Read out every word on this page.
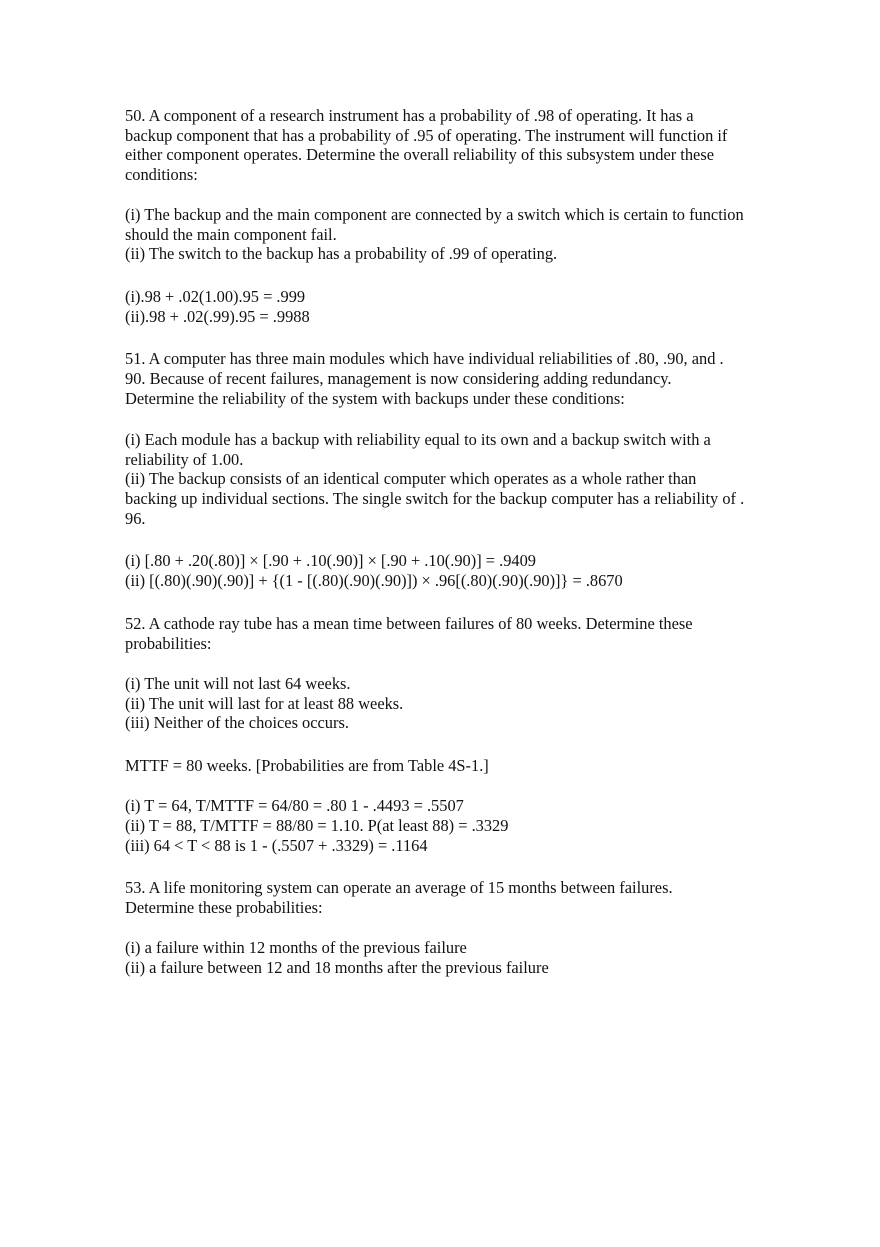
50. A component of a research instrument has a probability of .98 of operating. It has a
backup component that has a probability of .95 of operating. The instrument will function if
either component operates. Determine the overall reliability of this subsystem under these
conditions:
(i) The backup and the main component are connected by a switch which is certain to function
should the main component fail.
(ii) The switch to the backup has a probability of .99 of operating.
(i).98 + .02(1.00).95 = .999
(ii).98 + .02(.99).95 = .9988
51. A computer has three main modules which have individual reliabilities of .80, .90, and .
90. Because of recent failures, management is now considering adding redundancy.
Determine the reliability of the system with backups under these conditions:
(i) Each module has a backup with reliability equal to its own and a backup switch with a
reliability of 1.00.
(ii) The backup consists of an identical computer which operates as a whole rather than
backing up individual sections. The single switch for the backup computer has a reliability of .
96.
(i) [.80 + .20(.80)] × [.90 + .10(.90)] × [.90 + .10(.90)] = .9409
(ii) [(.80)(.90)(.90)] + {(1 - [(.80)(.90)(.90)]) × .96[(.80)(.90)(.90)]} = .8670
52. A cathode ray tube has a mean time between failures of 80 weeks. Determine these
probabilities:
(i) The unit will not last 64 weeks.
(ii) The unit will last for at least 88 weeks.
(iii) Neither of the choices occurs.
MTTF = 80 weeks. [Probabilities are from Table 4S-1.]
(i) T = 64, T/MTTF = 64/80 = .80 1 - .4493 = .5507
(ii) T = 88, T/MTTF = 88/80 = 1.10. P(at least 88) = .3329
(iii) 64 < T < 88 is 1 - (.5507 + .3329) = .1164
53. A life monitoring system can operate an average of 15 months between failures.
Determine these probabilities:
(i) a failure within 12 months of the previous failure
(ii) a failure between 12 and 18 months after the previous failure
